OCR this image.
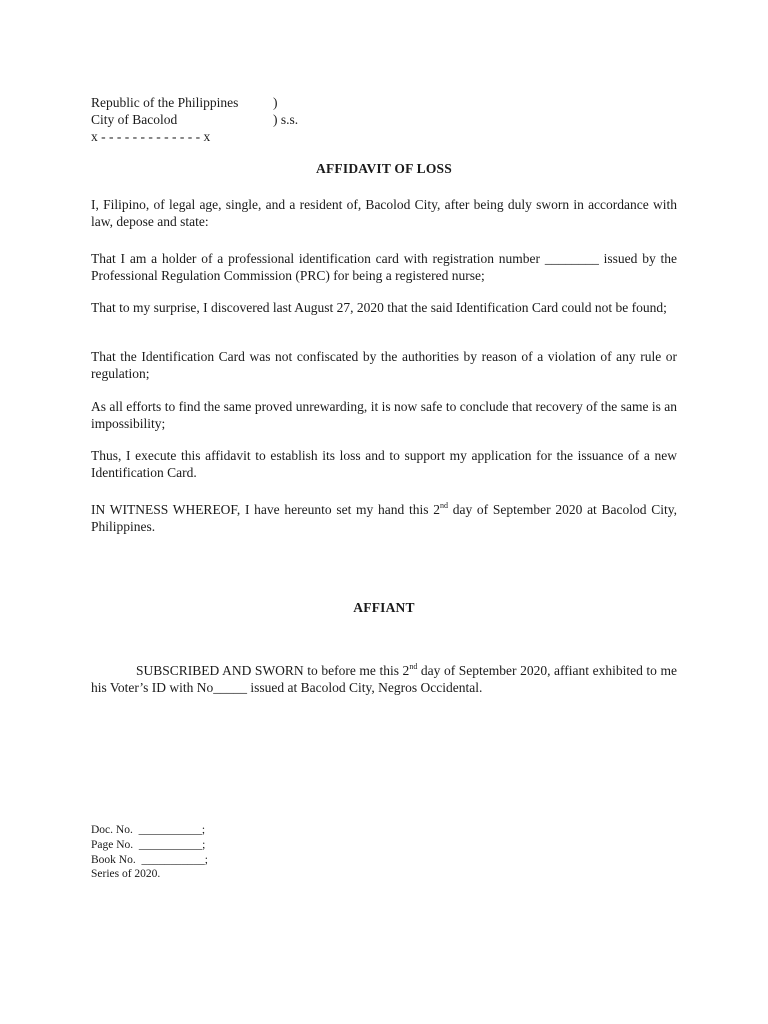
Republic of the Philippines	)
City of Bacolod	) s.s.
x - - - - - - - - - - - - - x
AFFIDAVIT OF LOSS
I, Filipino, of legal age, single, and a resident of, Bacolod City, after being duly sworn in accordance with law, depose and state:
That I am a holder of a professional identification card with registration number ________ issued by the Professional Regulation Commission (PRC) for being a registered nurse;
That to my surprise, I discovered last August 27, 2020 that the said Identification Card could not be found;
That the Identification Card was not confiscated by the authorities by reason of a violation of any rule or regulation;
As all efforts to find the same proved unrewarding, it is now safe to conclude that recovery of the same is an impossibility;
Thus, I execute this affidavit to establish its loss and to support my application for the issuance of a new Identification Card.
IN WITNESS WHEREOF, I have hereunto set my hand this 2nd day of September 2020 at Bacolod City, Philippines.
AFFIANT
SUBSCRIBED AND SWORN to before me this 2nd day of September 2020, affiant exhibited to me his Voter’s ID with No_____ issued at Bacolod City, Negros Occidental.
Doc. No.  ___________;
Page No.  ___________;
Book No.  ___________;
Series of 2020.
